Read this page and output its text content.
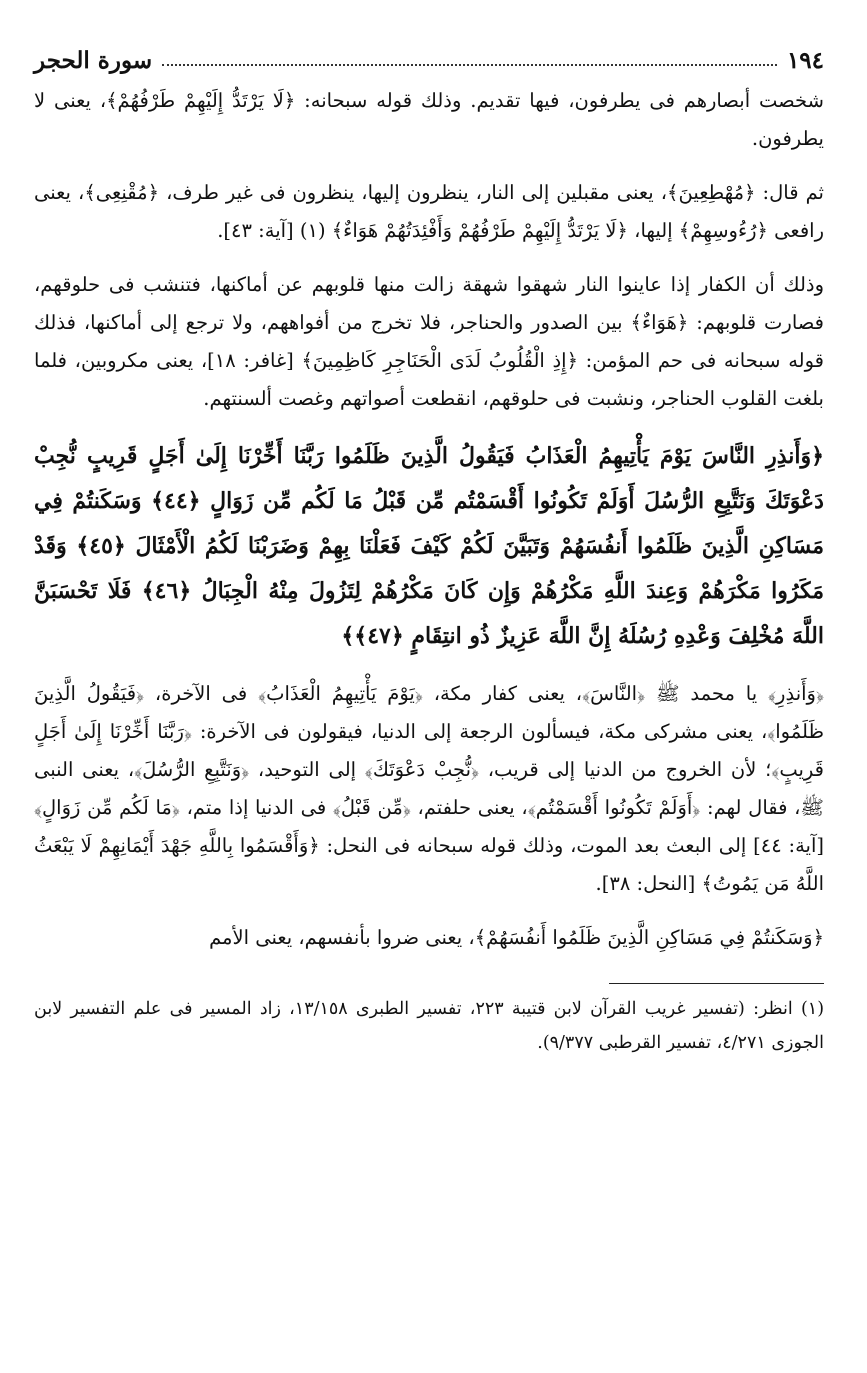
١٩٤
سورة الحجر

شخصت أبصارهم فى يطرفون، فيها تقديم. وذلك قوله سبحانه: ﴿لَا يَرْتَدُّ إِلَيْهِمْ طَرْفُهُمْ﴾، يعنى لا يطرفون.

ثم قال: ﴿مُهْطِعِينَ﴾، يعنى مقبلين إلى النار، ينظرون إليها، ينظرون فى غير طرف، ﴿مُقْنِعِى﴾، يعنى رافعى ﴿رُءُوسِهِمْ﴾ إليها، ﴿لَا يَرْتَدُّ إِلَيْهِمْ طَرْفُهُمْ وَأَفْئِدَتُهُمْ هَوَاءٌ﴾ (١) [آية: ٤٣].

وذلك أن الكفار إذا عاينوا النار شهقوا شهقة زالت منها قلوبهم عن أماكنها، فتنشب فى حلوقهم، فصارت قلوبهم: ﴿هَوَاءٌ﴾ بين الصدور والحناجر، فلا تخرج من أفواههم، ولا ترجع إلى أماكنها، فذلك قوله سبحانه فى حم المؤمن: ﴿إِذِ الْقُلُوبُ لَدَى الْحَنَاجِرِ كَاظِمِينَ﴾ [غافر: ١٨]، يعنى مكروبين، فلما بلغت القلوب الحناجر، ونشبت فى حلوقهم، انقطعت أصواتهم وغصت ألسنتهم.

﴿وَأَنذِرِ النَّاسَ يَوْمَ يَأْتِيهِمُ الْعَذَابُ فَيَقُولُ الَّذِينَ ظَلَمُوا رَبَّنَا أَخِّرْنَا إِلَىٰ أَجَلٍ قَرِيبٍ نُّجِبْ دَعْوَتَكَ وَنَتَّبِعِ الرُّسُلَ أَوَلَمْ تَكُونُوا أَقْسَمْتُم مِّن قَبْلُ مَا لَكُم مِّن زَوَالٍ ﴿٤٤﴾ وَسَكَنتُمْ فِي مَسَاكِنِ الَّذِينَ ظَلَمُوا أَنفُسَهُمْ وَتَبَيَّنَ لَكُمْ كَيْفَ فَعَلْنَا بِهِمْ وَضَرَبْنَا لَكُمُ الْأَمْثَالَ ﴿٤٥﴾ وَقَدْ مَكَرُوا مَكْرَهُمْ وَعِندَ اللَّهِ مَكْرُهُمْ وَإِن كَانَ مَكْرُهُمْ لِتَزُولَ مِنْهُ الْجِبَالُ ﴿٤٦﴾ فَلَا تَحْسَبَنَّ اللَّهَ مُخْلِفَ وَعْدِهِ رُسُلَهُ إِنَّ اللَّهَ عَزِيزٌ ذُو انتِقَامٍ ﴿٤٧﴾﴾

﴿وَأَنذِرِ﴾ يا محمد ﷺ ﴿النَّاسَ﴾، يعنى كفار مكة، ﴿يَوْمَ يَأْتِيهِمُ الْعَذَابُ﴾ فى الآخرة، ﴿فَيَقُولُ الَّذِينَ ظَلَمُوا﴾، يعنى مشركى مكة، فيسألون الرجعة إلى الدنيا، فيقولون فى الآخرة: ﴿رَبَّنَا أَخِّرْنَا إِلَىٰ أَجَلٍ قَرِيبٍ﴾؛ لأن الخروج من الدنيا إلى قريب، ﴿نُّجِبْ دَعْوَتَكَ﴾ إلى التوحيد، ﴿وَنَتَّبِعِ الرُّسُلَ﴾، يعنى النبى ﷺ، فقال لهم: ﴿أَوَلَمْ تَكُونُوا أَقْسَمْتُم﴾، يعنى حلفتم، ﴿مِّن قَبْلُ﴾ فى الدنيا إذا متم، ﴿مَا لَكُم مِّن زَوَالٍ﴾ [آية: ٤٤] إلى البعث بعد الموت، وذلك قوله سبحانه فى النحل: ﴿وَأَقْسَمُوا بِاللَّهِ جَهْدَ أَيْمَانِهِمْ لَا يَبْعَثُ اللَّهُ مَن يَمُوتُ﴾ [النحل: ٣٨].

﴿وَسَكَنتُمْ فِي مَسَاكِنِ الَّذِينَ ظَلَمُوا أَنفُسَهُمْ﴾، يعنى ضروا بأنفسهم، يعنى الأمم

(١) انظر: (تفسير غريب القرآن لابن قتيبة ٢٢٣، تفسير الطبرى ١٣/١٥٨، زاد المسير فى علم التفسير لابن الجوزى ٤/٢٧١، تفسير القرطبى ٩/٣٧٧).
